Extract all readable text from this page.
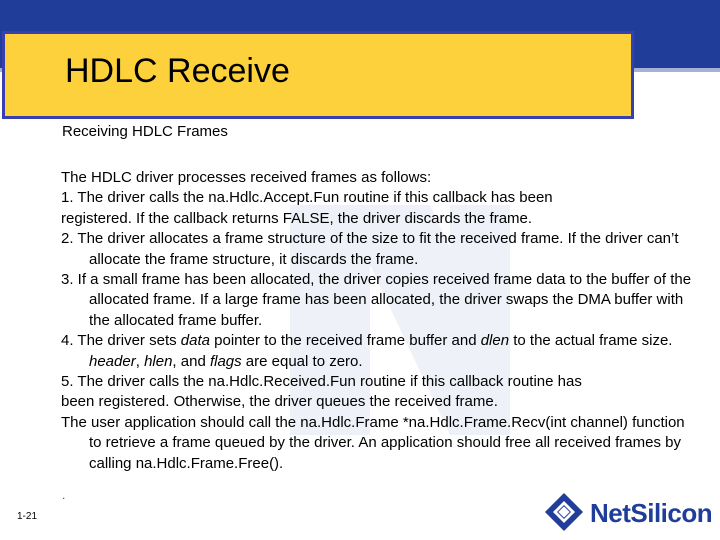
HDLC Receive
Receiving HDLC Frames

The HDLC driver processes received frames as follows:

1. The driver calls the na.Hdlc.Accept.Fun routine if this callback has been

registered. If the callback returns FALSE, the driver discards the frame.

2. The driver allocates a frame structure of the size to fit the received frame. If the driver can’t allocate the frame structure, it discards the frame.

3. If a small frame has been allocated, the driver copies received frame data to the buffer of the allocated frame. If a large frame has been allocated, the driver swaps the DMA buffer with the allocated frame buffer.

4. The driver sets data pointer to the received frame buffer and dlen to the actual frame size. header, hlen, and flags are equal to zero.

5. The driver calls the na.Hdlc.Received.Fun routine if this callback routine has

been registered. Otherwise, the driver queues the received frame.

The user application should call the na.Hdlc.Frame *na.Hdlc.Frame.Recv(int channel) function to retrieve a frame queued by the driver. An application should free all received frames by calling na.Hdlc.Frame.Free().

.
1-21	NetSilicon
